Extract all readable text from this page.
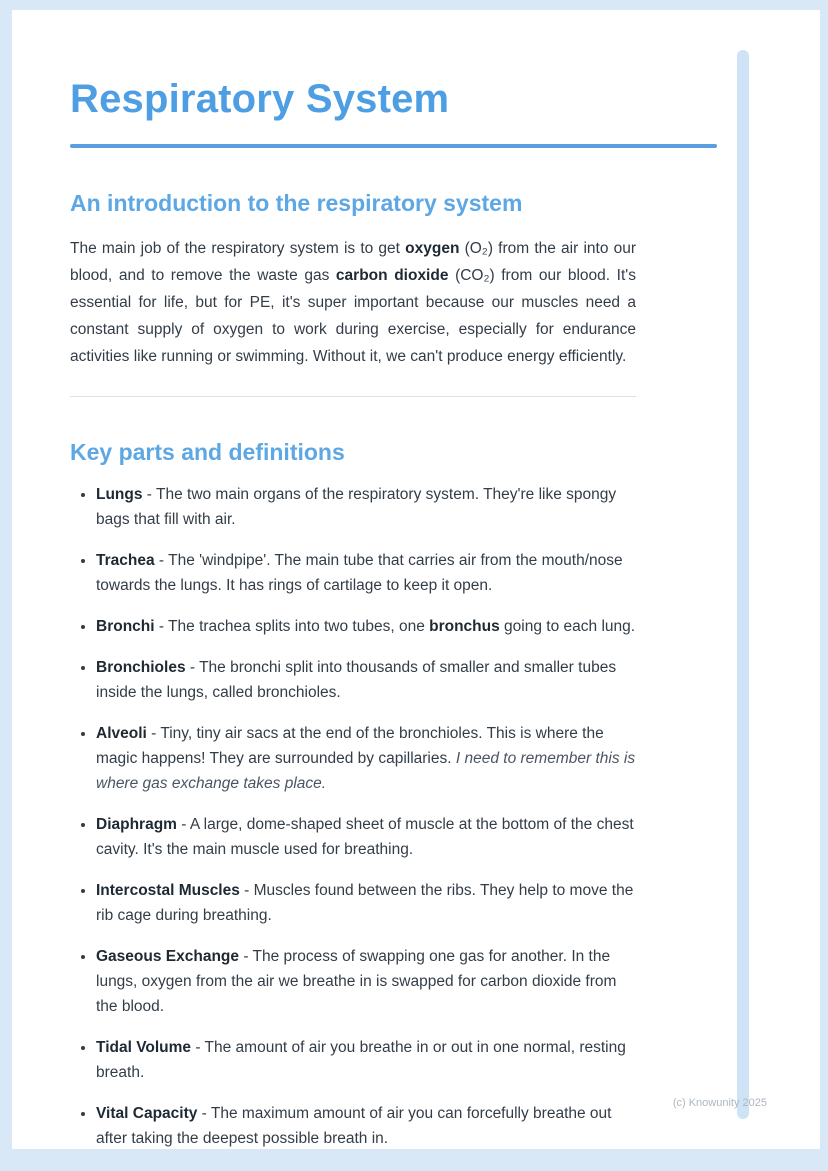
Respiratory System
An introduction to the respiratory system

The main job of the respiratory system is to get oxygen (O₂) from the air into our blood, and to remove the waste gas carbon dioxide (CO₂) from our blood. It's essential for life, but for PE, it's super important because our muscles need a constant supply of oxygen to work during exercise, especially for endurance activities like running or swimming. Without it, we can't produce energy efficiently.

Key parts and definitions
• Lungs - The two main organs of the respiratory system. They're like spongy bags that fill with air.
• Trachea - The 'windpipe'. The main tube that carries air from the mouth/nose towards the lungs. It has rings of cartilage to keep it open.
• Bronchi - The trachea splits into two tubes, one bronchus going to each lung.
• Bronchioles - The bronchi split into thousands of smaller and smaller tubes inside the lungs, called bronchioles.
• Alveoli - Tiny, tiny air sacs at the end of the bronchioles. This is where the magic happens! They are surrounded by capillaries. I need to remember this is where gas exchange takes place.
• Diaphragm - A large, dome-shaped sheet of muscle at the bottom of the chest cavity. It's the main muscle used for breathing.
• Intercostal Muscles - Muscles found between the ribs. They help to move the rib cage during breathing.
• Gaseous Exchange - The process of swapping one gas for another. In the lungs, oxygen from the air we breathe in is swapped for carbon dioxide from the blood.
• Tidal Volume - The amount of air you breathe in or out in one normal, resting breath.
• Vital Capacity - The maximum amount of air you can forcefully breathe out after taking the deepest possible breath in.
(c) Knowunity 2025
